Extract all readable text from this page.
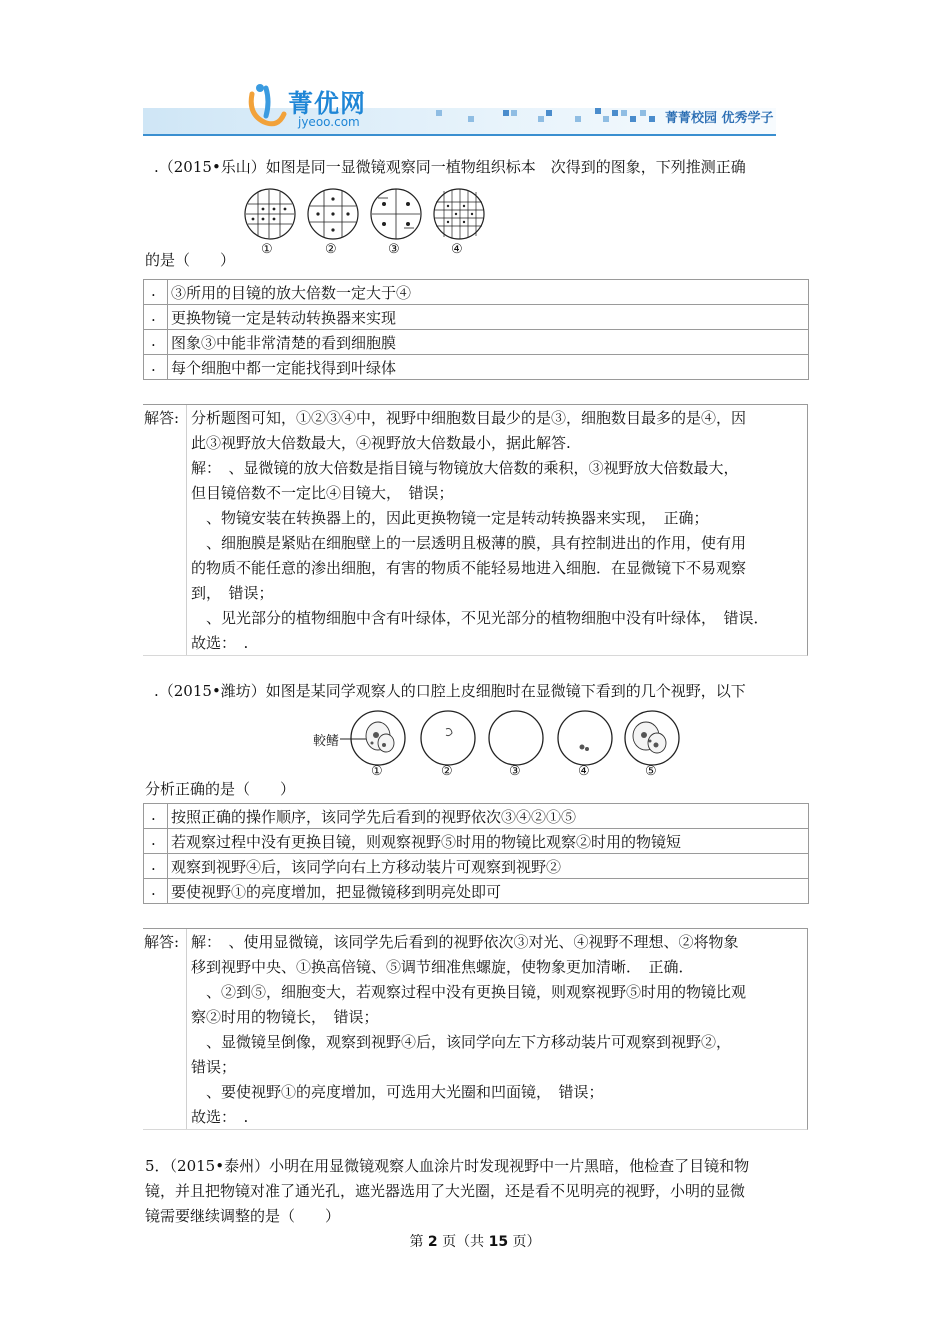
菁优网
jyeoo.com	菁菁校园 优秀学子
.（2015•乐山）如图是同一显微镜观察同一植物组织标本　次得到的图象，下列推测正确
①	②	③	④
的是（　　）
.	③所用的目镜的放大倍数一定大于④
.	更换物镜一定是转动转换器来实现
.	图象③中能非常清楚的看到细胞膜
.	每个细胞中都一定能找得到叶绿体
解答: 分析题图可知，①②③④中，视野中细胞数目最少的是③，细胞数目最多的是④，因
此③视野放大倍数最大，④视野放大倍数最小，据此解答.
解：　、显微镜的放大倍数是指目镜与物镜放大倍数的乘积，③视野放大倍数最大，
但目镜倍数不一定比④目镜大，　错误；
　、物镜安装在转换器上的，因此更换物镜一定是转动转换器来实现，　正确；
　、细胞膜是紧贴在细胞壁上的一层透明且极薄的膜，具有控制进出的作用，使有用
的物质不能任意的渗出细胞，有害的物质不能轻易地进入细胞．在显微镜下不易观察
到，　错误；
　、见光部分的植物细胞中含有叶绿体，不见光部分的植物细胞中没有叶绿体，　错误．
故选：　.
.（2015•潍坊）如图是某同学观察人的口腔上皮细胞时在显微镜下看到的几个视野，以下
較鳍
①	②	③	④	⑤
分析正确的是（　　）
.	按照正确的操作顺序，该同学先后看到的视野依次③④②①⑤
.	若观察过程中没有更换目镜，则观察视野⑤时用的物镜比观察②时用的物镜短
.	观察到视野④后，该同学向右上方移动装片可观察到视野②
.	要使视野①的亮度增加，把显微镜移到明亮处即可
解答: 解：　、使用显微镜，该同学先后看到的视野依次③对光、④视野不理想、②将物象
移到视野中央、①换高倍镜、⑤调节细准焦螺旋，使物象更加清晰．　正确．
　、②到⑤，细胞变大，若观察过程中没有更换目镜，则观察视野⑤时用的物镜比观
察②时用的物镜长，　错误；
　、显微镜呈倒像，观察到视野④后，该同学向左下方移动装片可观察到视野②，
错误；
　、要使视野①的亮度增加，可选用大光圈和凹面镜，　错误；
故选：　.
5．（2015•泰州）小明在用显微镜观察人血涂片时发现视野中一片黑暗，他检查了目镜和物
镜，并且把物镜对准了通光孔，遮光器选用了大光圈，还是看不见明亮的视野，小明的显微
镜需要继续调整的是（　　）
第 2 页（共 15 页）
